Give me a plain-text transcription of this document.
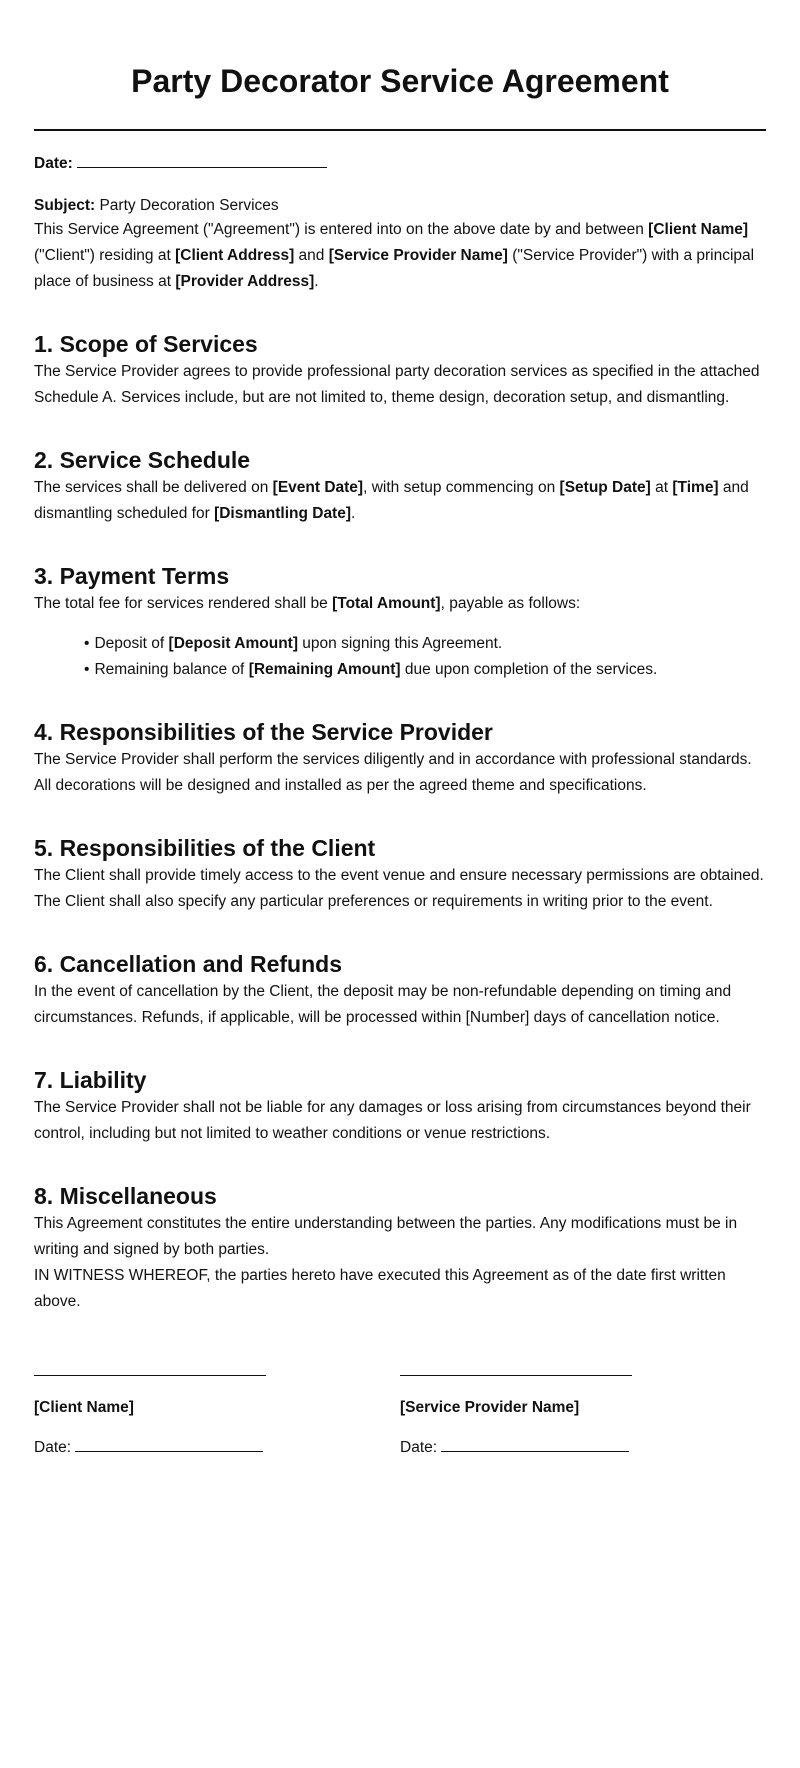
Party Decorator Service Agreement

Date:

Subject: Party Decoration Services

This Service Agreement ("Agreement") is entered into on the above date by and between [Client Name] ("Client") residing at [Client Address] and [Service Provider Name] ("Service Provider") with a principal place of business at [Provider Address].

1. Scope of Services

The Service Provider agrees to provide professional party decoration services as specified in the attached Schedule A. Services include, but are not limited to, theme design, decoration setup, and dismantling.

2. Service Schedule

The services shall be delivered on [Event Date], with setup commencing on [Setup Date] at [Time] and dismantling scheduled for [Dismantling Date].

3. Payment Terms

The total fee for services rendered shall be [Total Amount], payable as follows:

• Deposit of [Deposit Amount] upon signing this Agreement.
• Remaining balance of [Remaining Amount] due upon completion of the services.
4. Responsibilities of the Service Provider

The Service Provider shall perform the services diligently and in accordance with professional standards. All decorations will be designed and installed as per the agreed theme and specifications.

5. Responsibilities of the Client

The Client shall provide timely access to the event venue and ensure necessary permissions are obtained. The Client shall also specify any particular preferences or requirements in writing prior to the event.

6. Cancellation and Refunds

In the event of cancellation by the Client, the deposit may be non-refundable depending on timing and circumstances. Refunds, if applicable, will be processed within [Number] days of cancellation notice.

7. Liability

The Service Provider shall not be liable for any damages or loss arising from circumstances beyond their control, including but not limited to weather conditions or venue restrictions.

8. Miscellaneous

This Agreement constitutes the entire understanding between the parties. Any modifications must be in writing and signed by both parties.

IN WITNESS WHEREOF, the parties hereto have executed this Agreement as of the date first written above.

[Client Name]
Date:
[Service Provider Name]
Date:
